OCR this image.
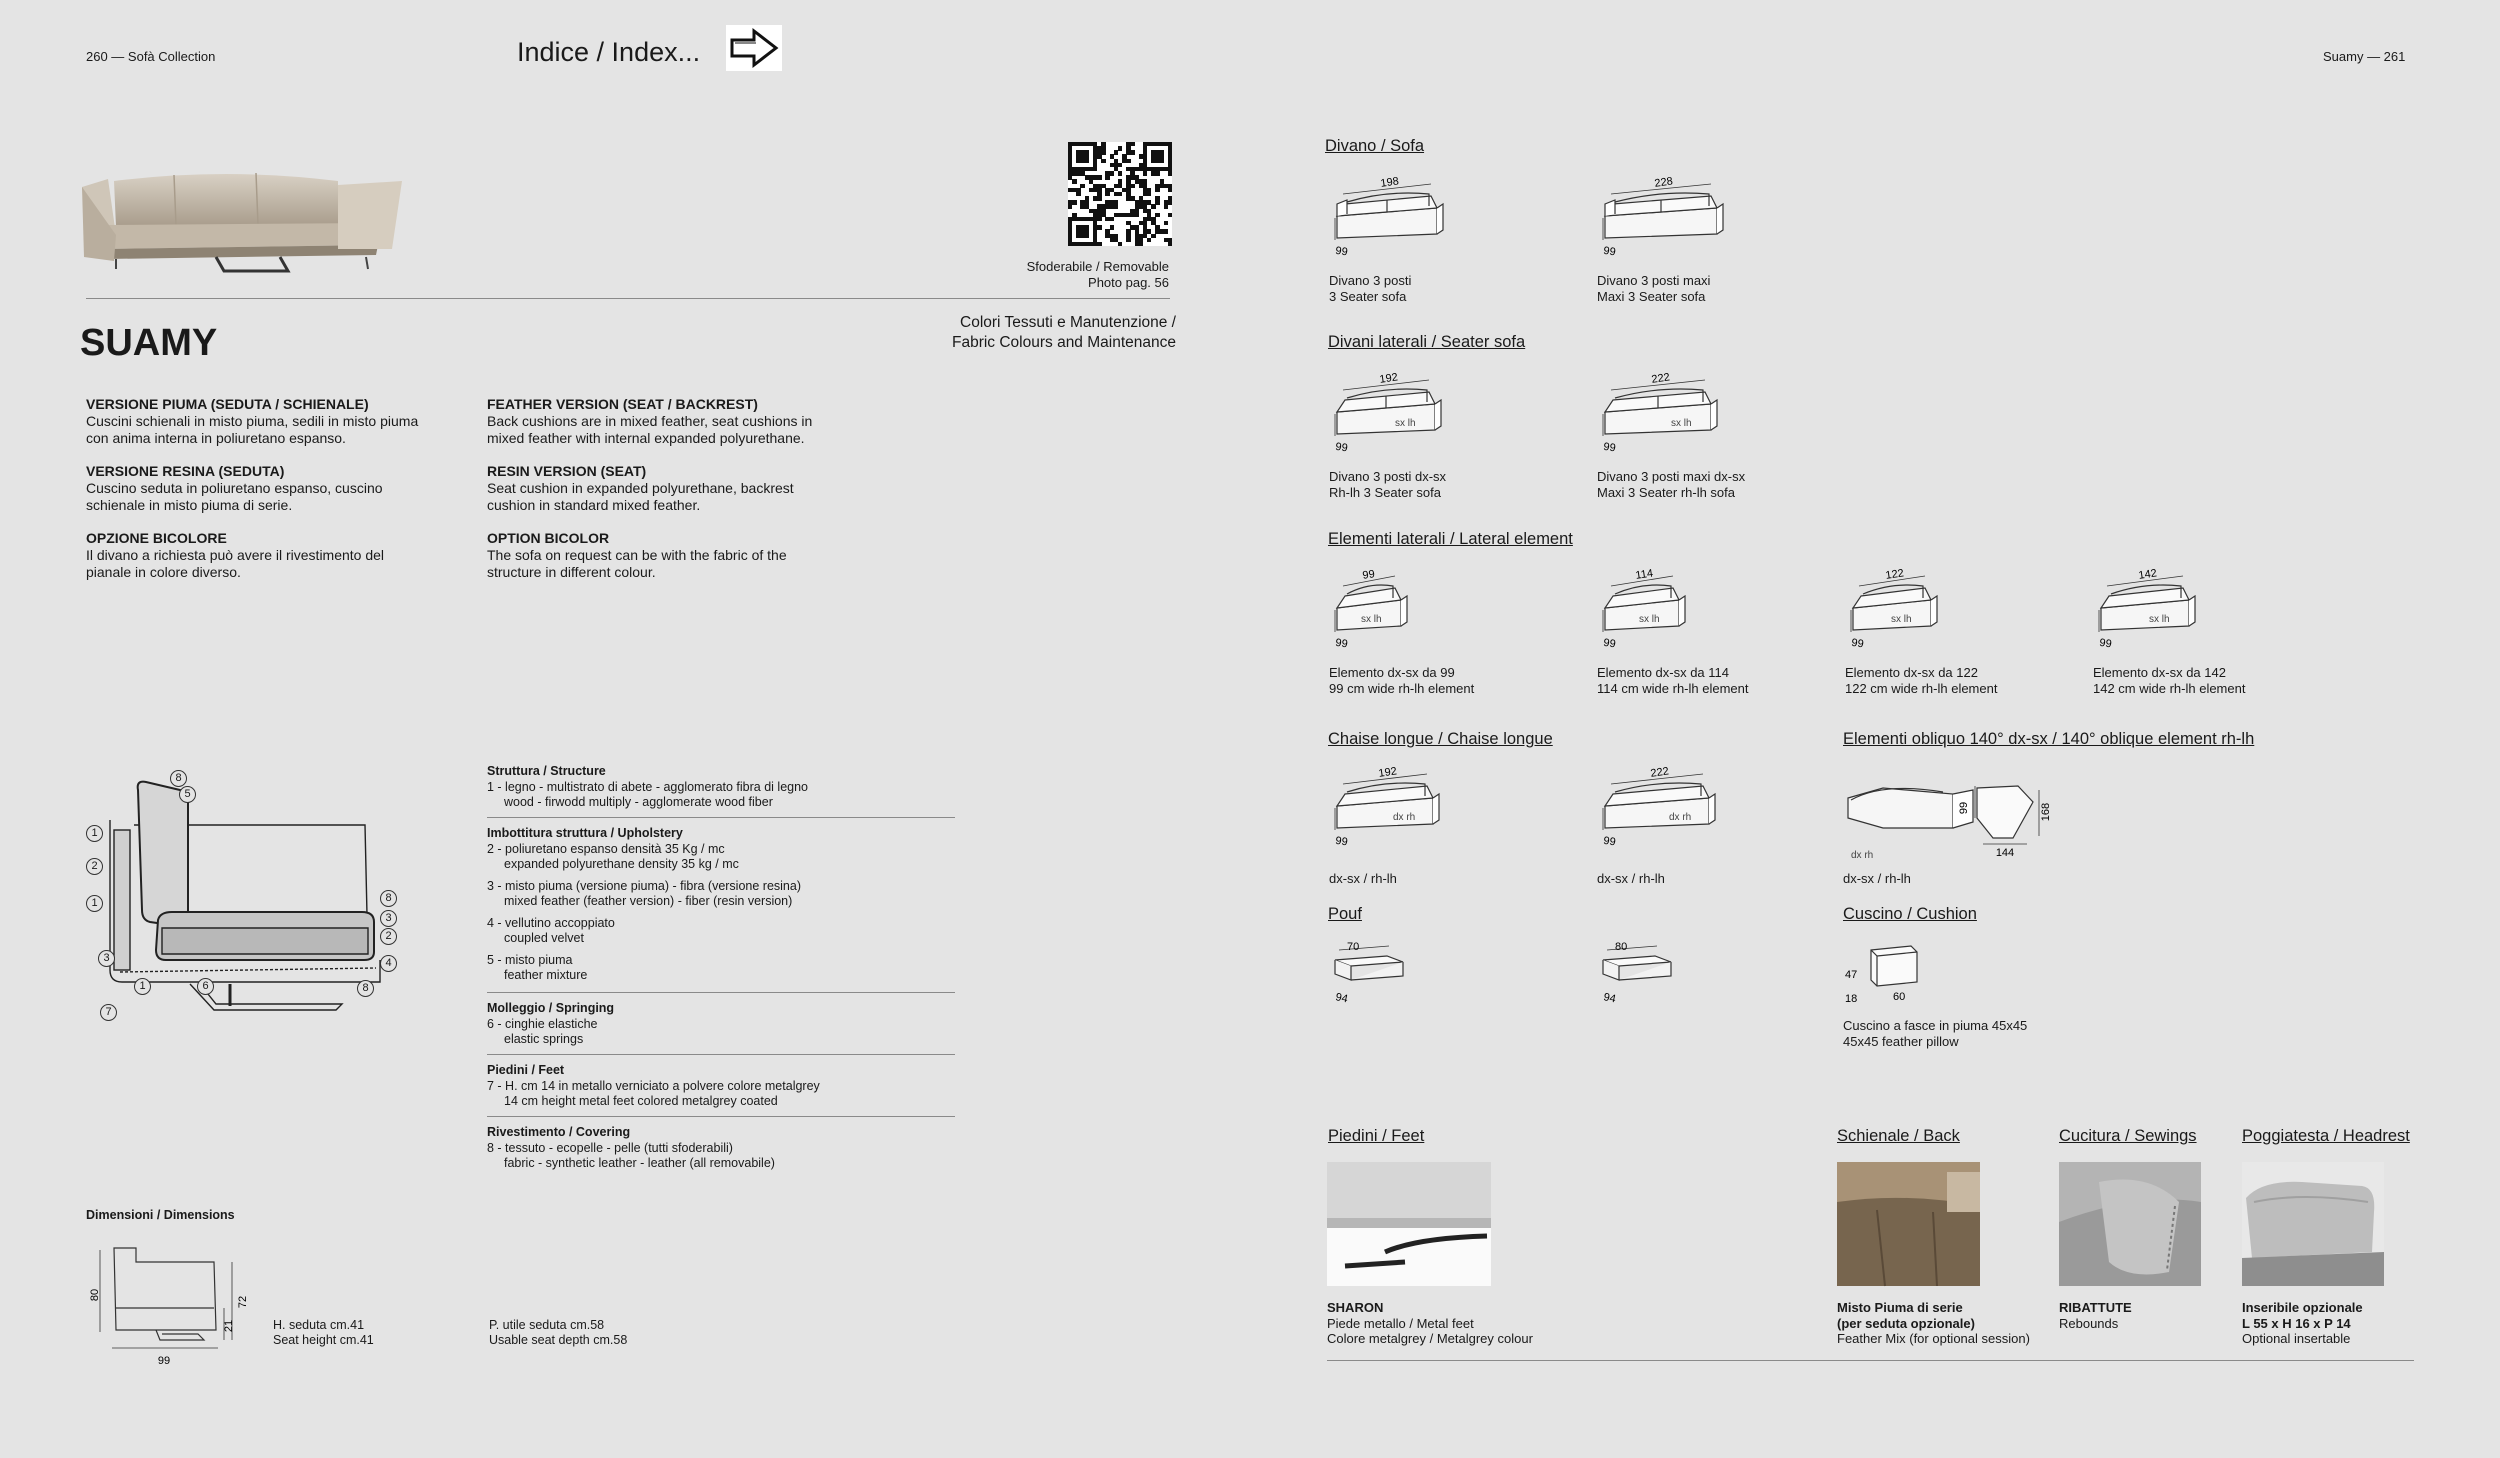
260 — Sofà Collection	Indice / Index...	Suamy — 261
Sfoderabile / Removable
Photo pag. 56
Colori Tessuti e Manutenzione /
Fabric Colours and Maintenance
SUAMY
VERSIONE PIUMA (SEDUTA / SCHIENALE)
Cuscini schienali in misto piuma, sedili in misto piuma
con anima interna in poliuretano espanso.
VERSIONE RESINA (SEDUTA)
Cuscino seduta in poliuretano espanso, cuscino
schienale in misto piuma di serie.
OPZIONE BICOLORE
Il divano a richiesta può avere il rivestimento del
pianale in colore diverso.
FEATHER VERSION (SEAT / BACKREST)
Back cushions are in mixed feather, seat cushions in
mixed feather with internal expanded polyurethane.
RESIN VERSION (SEAT)
Seat cushion in expanded polyurethane, backrest
cushion in standard mixed feather.
OPTION BICOLOR
The sofa on request can be with the fabric of the
structure in different colour.
8
5
1
2
1
3
8
3
2
4
1	6	8
7
Struttura / Structure
1 - legno - multistrato di abete - agglomerato fibra di legno
wood - firwodd multiply - agglomerate wood fiber
Imbottitura struttura / Upholstery
2 - poliuretano espanso densità 35 Kg / mc
expanded polyurethane density 35 kg / mc
3 - misto piuma (versione piuma) - fibra (versione resina)
mixed feather (feather version) - fiber (resin version)
4 - vellutino accoppiato
coupled velvet
5 - misto piuma
feather mixture
Molleggio / Springing
6 - cinghie elastiche
elastic springs
Piedini / Feet
7 - H. cm 14 in metallo verniciato a polvere colore metalgrey
14 cm height metal feet colored metalgrey coated
Rivestimento / Covering
8 - tessuto - ecopelle - pelle (tutti sfoderabili)
fabric - synthetic leather - leather (all removabile)
Dimensioni / Dimensions
80
72
21
99
H. seduta cm.41
Seat height cm.41
P. utile seduta cm.58
Usable seat depth cm.58
Divano / Sofa
Divani laterali / Seater sofa
Elementi laterali / Lateral element
Chaise longue / Chaise longue	Elementi obliquo 140° dx-sx / 140° oblique element rh-lh
Pouf	Cuscino / Cushion
198
99
Divano 3 posti
3 Seater sofa
228
99
Divano 3 posti maxi
Maxi 3 Seater sofa
192
99
sx lh
Divano 3 posti dx-sx
Rh-lh 3 Seater sofa
222
99
sx lh
Divano 3 posti maxi dx-sx
Maxi 3 Seater rh-lh sofa
99
99
sx lh
Elemento dx-sx da 99
99 cm wide rh-lh element
114
99
sx lh
Elemento dx-sx da 114
114 cm wide rh-lh element
122
99
sx lh
Elemento dx-sx da 122
122 cm wide rh-lh element
142
99
sx lh
Elemento dx-sx da 142
142 cm wide rh-lh element
192
99
dx rh
dx-sx / rh-lh
222
99
dx rh
dx-sx / rh-lh
dx rh
99	168
144
dx-sx / rh-lh
70
94
80
94
47
18	60
Cuscino a fasce in piuma 45x45
45x45 feather pillow
Piedini / Feet	Schienale / Back	Cucitura / Sewings	Poggiatesta / Headrest
SHARON
Piede metallo / Metal feet
Colore metalgrey / Metalgrey colour
Misto Piuma di serie
(per seduta opzionale)
Feather Mix (for optional session)
RIBATTUTE
Rebounds
Inseribile opzionale
L 55 x H 16 x P 14
Optional insertable
